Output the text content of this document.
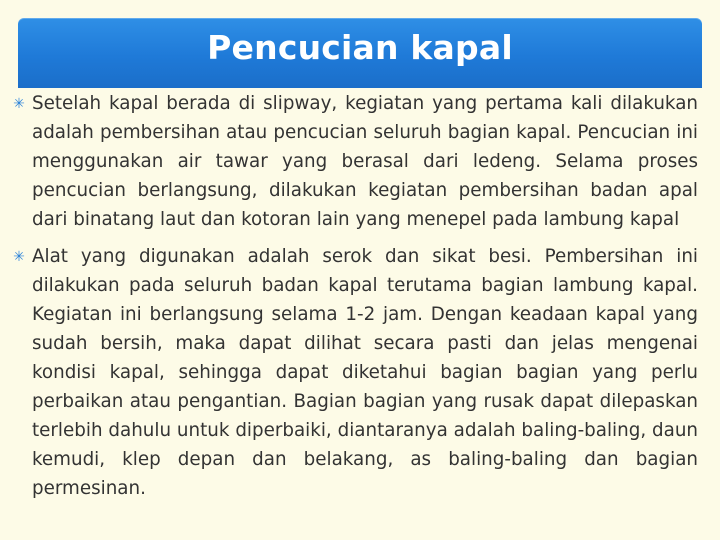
Pencucian kapal
✳ Setelah kapal berada di slipway, kegiatan yang pertama kali dilakukan adalah pembersihan atau pencucian seluruh bagian kapal. Pencucian ini menggunakan air tawar yang berasal dari ledeng. Selama proses pencucian berlangsung, dilakukan kegiatan pembersihan badan apal dari binatang laut dan kotoran lain yang menepel pada lambung kapal
✳ Alat yang digunakan adalah serok dan sikat besi. Pembersihan ini dilakukan pada seluruh badan kapal terutama bagian lambung kapal. Kegiatan ini berlangsung selama 1-2 jam. Dengan keadaan kapal yang sudah bersih, maka dapat dilihat secara pasti dan jelas mengenai kondisi kapal, sehingga dapat diketahui bagian bagian yang perlu perbaikan atau pengantian. Bagian bagian yang rusak dapat dilepaskan terlebih dahulu untuk diperbaiki, diantaranya adalah baling-baling, daun kemudi, klep depan dan belakang, as baling-baling dan bagian permesinan.
